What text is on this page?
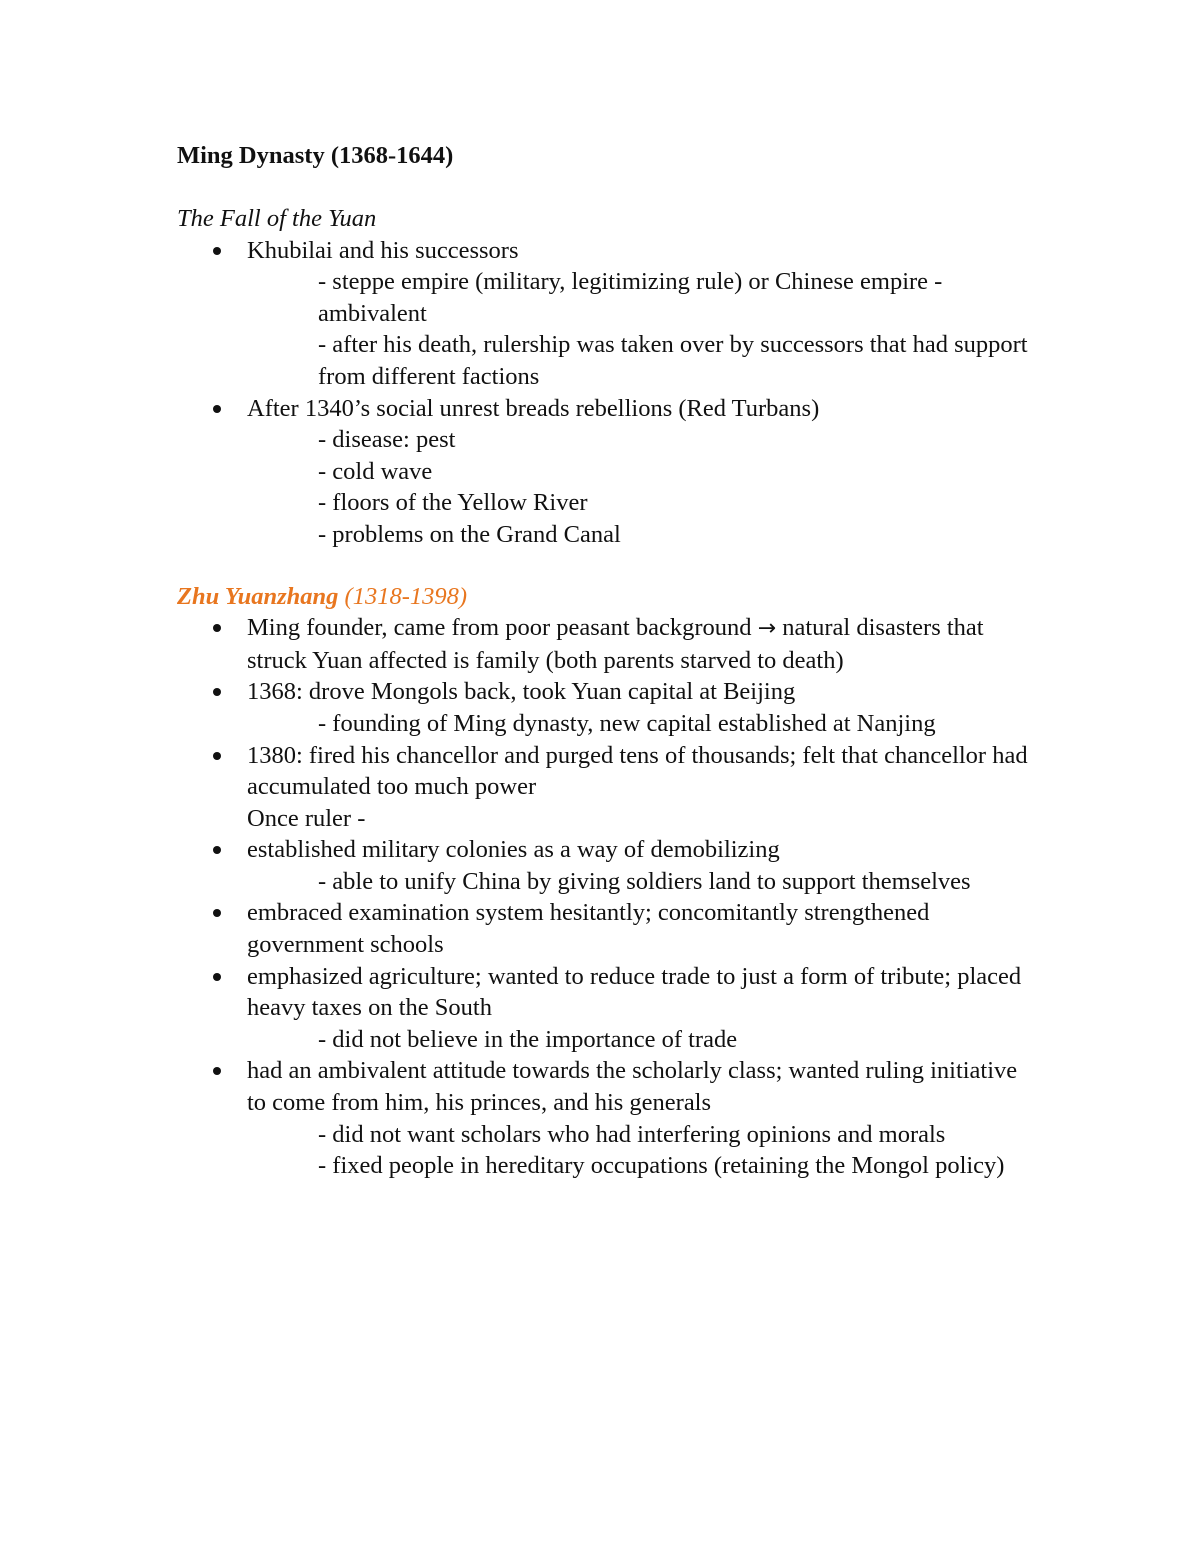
Ming Dynasty (1368-1644)

The Fall of the Yuan

Khubilai and his successors
- steppe empire (military, legitimizing rule) or Chinese empire - ambivalent
- after his death, rulership was taken over by successors that had support from different factions
After 1340’s social unrest breads rebellions (Red Turbans)
- disease: pest
- cold wave
- floors of the Yellow River
- problems on the Grand Canal

Zhu Yuanzhang (1318-1398)

Ming founder, came from poor peasant background → natural disasters that struck Yuan affected is family (both parents starved to death)
1368: drove Mongols back, took Yuan capital at Beijing
- founding of Ming dynasty, new capital established at Nanjing
1380: fired his chancellor and purged tens of thousands; felt that chancellor had accumulated too much power
Once ruler -
established military colonies as a way of demobilizing
- able to unify China by giving soldiers land to support themselves
embraced examination system hesitantly; concomitantly strengthened government schools
emphasized agriculture; wanted to reduce trade to just a form of tribute; placed heavy taxes on the South
- did not believe in the importance of trade
had an ambivalent attitude towards the scholarly class; wanted ruling initiative to come from him, his princes, and his generals
- did not want scholars who had interfering opinions and morals
- fixed people in hereditary occupations (retaining the Mongol policy)
